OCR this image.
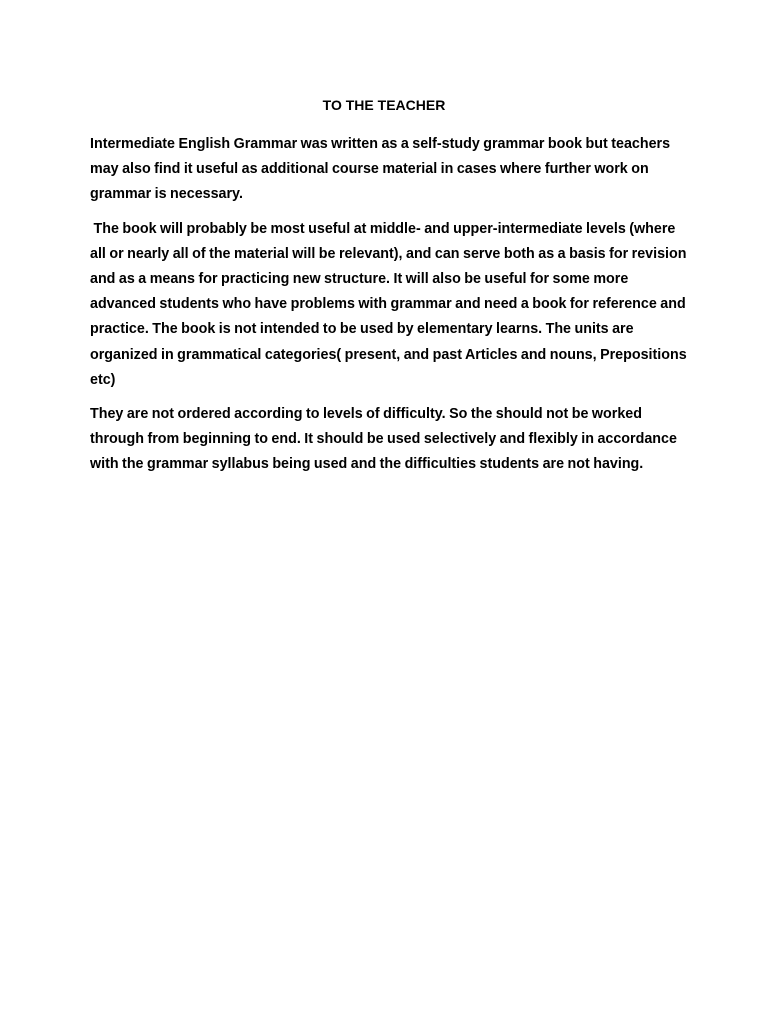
TO THE TEACHER

Intermediate English Grammar was written as a self-study grammar book but teachers may also find it useful as additional course material in cases where further work on grammar is necessary.

The book will probably be most useful at middle- and upper-intermediate levels (where all or nearly all of the material will be relevant), and can serve both as a basis for revision and as a means for practicing new structure. It will also be useful for some more advanced students who have problems with grammar and need a book for reference and practice. The book is not intended to be used by elementary learns. The units are organized in grammatical categories( present, and past Articles and nouns, Prepositions etc)

They are not ordered according to levels of difficulty. So the should not be worked through from beginning to end. It should be used selectively and flexibly in accordance with the grammar syllabus being used and the difficulties students are not having.
